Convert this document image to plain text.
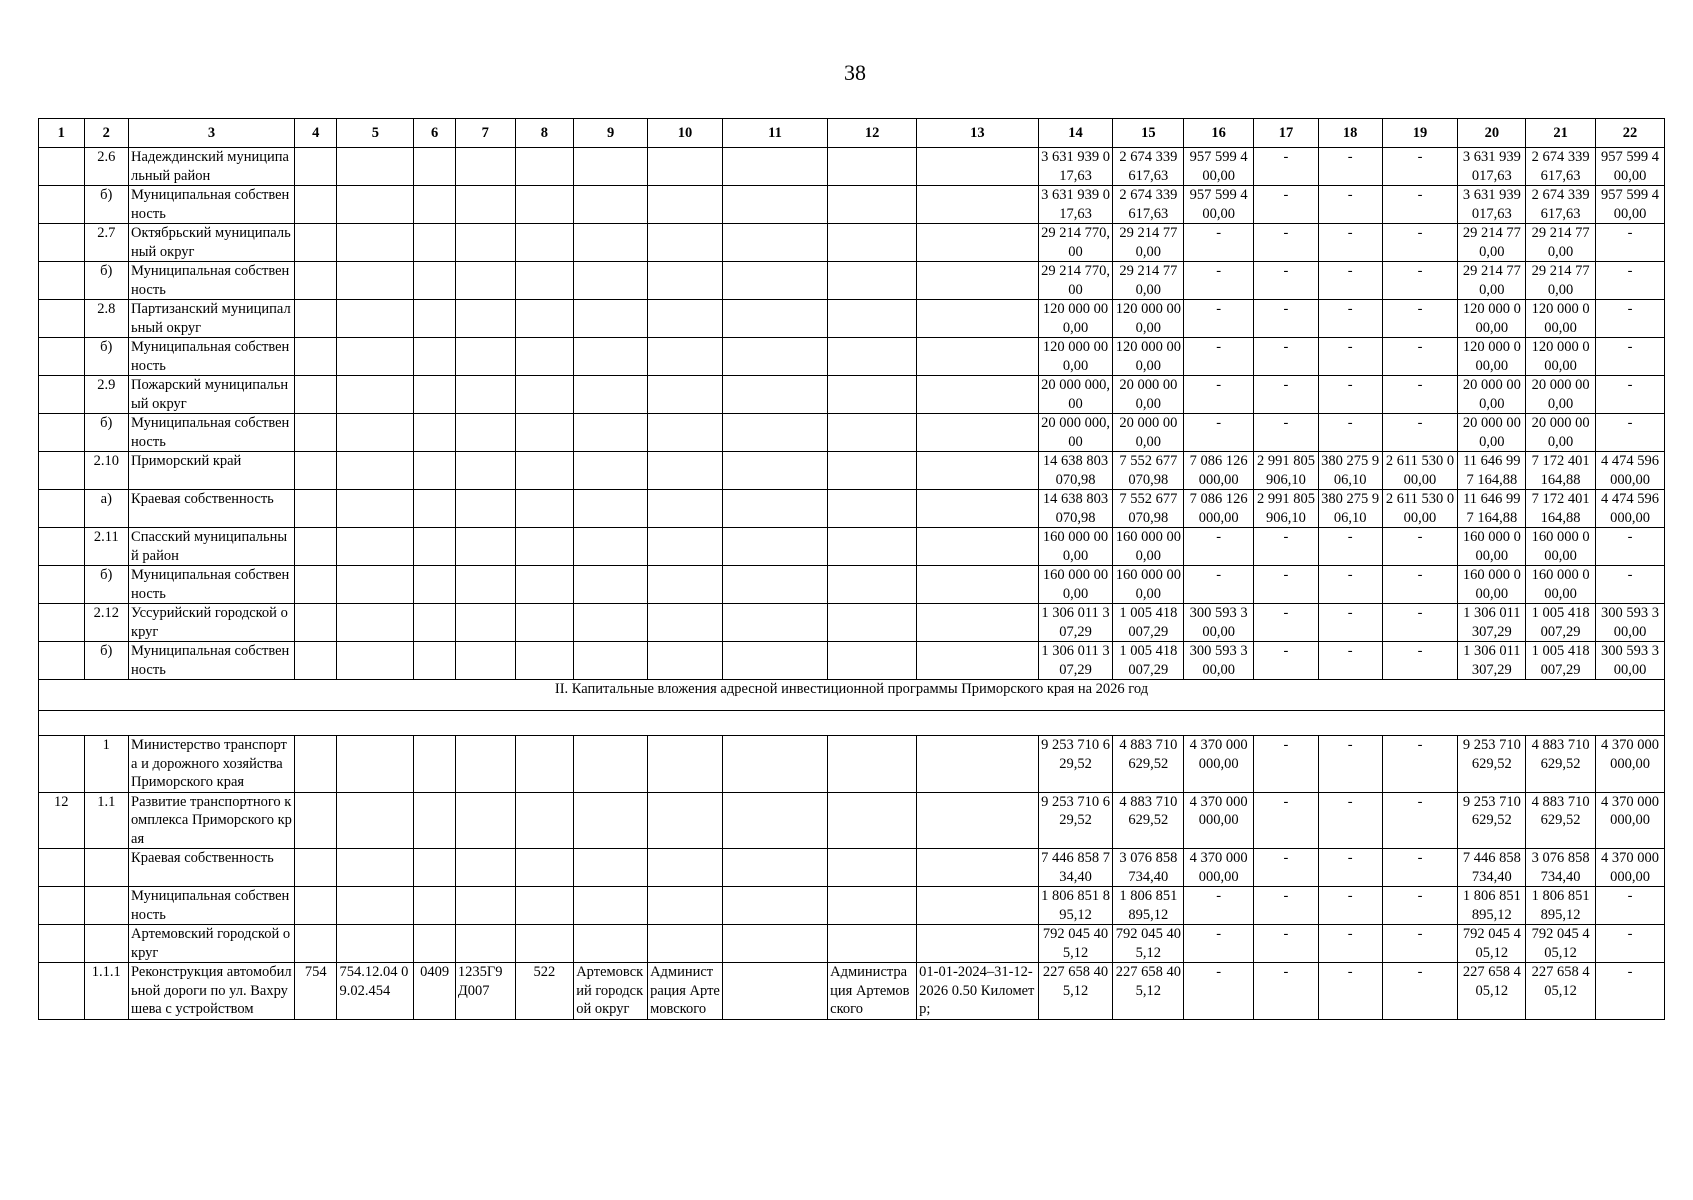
38
1	2	3	4	5	6	7	8	9	10	11	12	13	14	15	16	17	18	19	20	21	22
	2.6	Надеждинский муниципальный район											3 631 939 017,63	2 674 339 617,63	957 599 400,00	-	-	-	3 631 939 017,63	2 674 339 617,63	957 599 400,00
	б)	Муниципальная собственность											3 631 939 017,63	2 674 339 617,63	957 599 400,00	-	-	-	3 631 939 017,63	2 674 339 617,63	957 599 400,00
	2.7	Октябрьский муниципальный округ											29 214 770,00	29 214 770,00	-	-	-	-	29 214 770,00	29 214 770,00	-
	б)	Муниципальная собственность											29 214 770,00	29 214 770,00	-	-	-	-	29 214 770,00	29 214 770,00	-
	2.8	Партизанский муниципальный округ											120 000 000,00	120 000 000,00	-	-	-	-	120 000 000,00	120 000 000,00	-
	б)	Муниципальная собственность											120 000 000,00	120 000 000,00	-	-	-	-	120 000 000,00	120 000 000,00	-
	2.9	Пожарский муниципальный округ											20 000 000,00	20 000 000,00	-	-	-	-	20 000 000,00	20 000 000,00	-
	б)	Муниципальная собственность											20 000 000,00	20 000 000,00	-	-	-	-	20 000 000,00	20 000 000,00	-
	2.10	Приморский край											14 638 803 070,98	7 552 677 070,98	7 086 126 000,00	2 991 805 906,10	380 275 906,10	2 611 530 000,00	11 646 997 164,88	7 172 401 164,88	4 474 596 000,00
	а)	Краевая собственность											14 638 803 070,98	7 552 677 070,98	7 086 126 000,00	2 991 805 906,10	380 275 906,10	2 611 530 000,00	11 646 997 164,88	7 172 401 164,88	4 474 596 000,00
	2.11	Спасский муниципальный район											160 000 000,00	160 000 000,00	-	-	-	-	160 000 000,00	160 000 000,00	-
	б)	Муниципальная собственность											160 000 000,00	160 000 000,00	-	-	-	-	160 000 000,00	160 000 000,00	-
	2.12	Уссурийский городской округ											1 306 011 307,29	1 005 418 007,29	300 593 300,00	-	-	-	1 306 011 307,29	1 005 418 007,29	300 593 300,00
	б)	Муниципальная собственность											1 306 011 307,29	1 005 418 007,29	300 593 300,00	-	-	-	1 306 011 307,29	1 005 418 007,29	300 593 300,00
II. Капитальные вложения адресной инвестиционной программы Приморского края на 2026 год																					

	1	Министерство транспорта и дорожного хозяйства Приморского края											9 253 710 629,52	4 883 710 629,52	4 370 000 000,00	-	-	-	9 253 710 629,52	4 883 710 629,52	4 370 000 000,00
12	1.1	Развитие транспортного комплекса Приморского края											9 253 710 629,52	4 883 710 629,52	4 370 000 000,00	-	-	-	9 253 710 629,52	4 883 710 629,52	4 370 000 000,00
		Краевая собственность											7 446 858 734,40	3 076 858 734,40	4 370 000 000,00	-	-	-	7 446 858 734,40	3 076 858 734,40	4 370 000 000,00
		Муниципальная собственность											1 806 851 895,12	1 806 851 895,12	-	-	-	-	1 806 851 895,12	1 806 851 895,12	-
		Артемовский городской округ											792 045 405,12	792 045 405,12	-	-	-	-	792 045 405,12	792 045 405,12	-
	1.1.1	Реконструкция автомобильной дороги по ул. Вахрушева с устройством	754	754.12.04 09.02.454	0409	1235Г9 Д007	522	Артемовский городской округ	Администрация Артемовского		Администрация Артемовского	01-01-2024–31-12-2026 0.50 Километр;	227 658 405,12	227 658 405,12	-	-	-	-	227 658 405,12	227 658 405,12	-
